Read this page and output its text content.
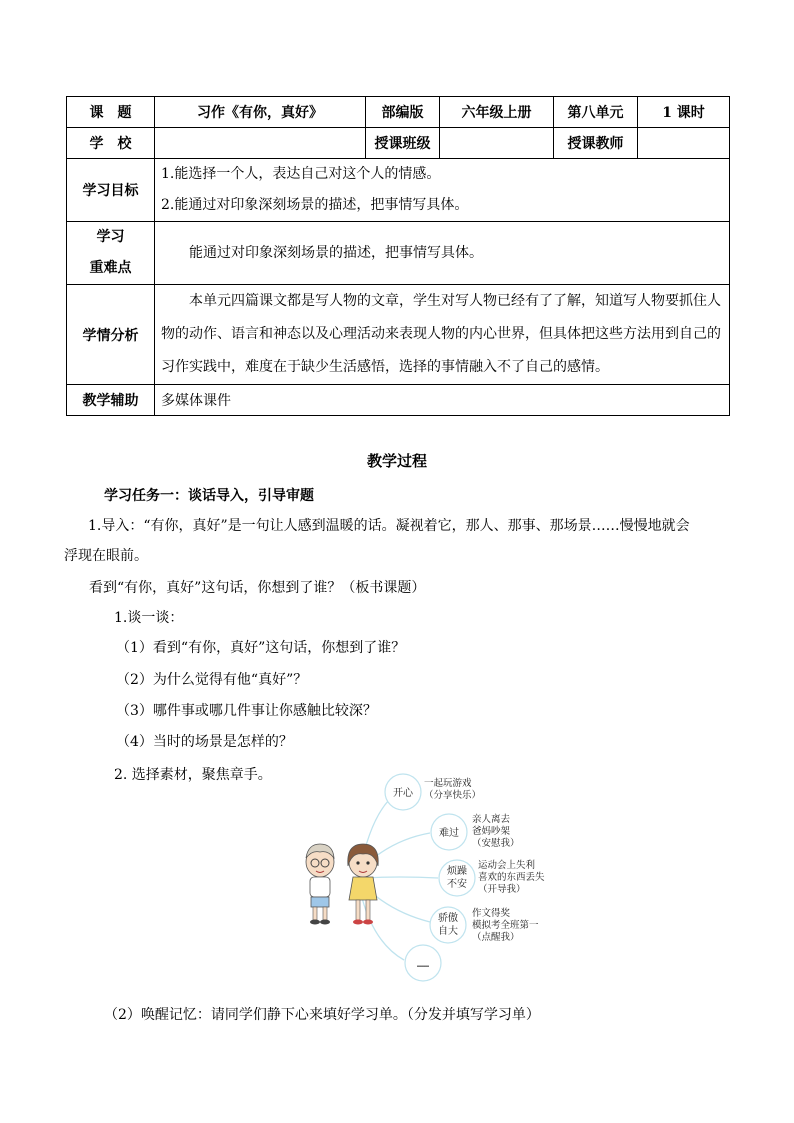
课　题	习作《有你，真好》	部编版	六年级上册	第八单元	1 课时
学　校		授课班级		授课教师	
学习目标	1.能选择一个人，表达自己对这个人的情感。
2.能通过对印象深刻场景的描述，把事情写具体。				

学习
重难点	能通过对印象深刻场景的描述，把事情写具体。				

学情分析	本单元四篇课文都是写人物的文章，学生对写人物已经有了了解，知道写人物要抓住人物的动作、语言和神态以及心理活动来表现人物的内心世界，但具体把这些方法用到自己的习作实践中，难度在于缺少生活感悟，选择的事情融入不了自己的感情。				

教学辅助	多媒体课件				
教学过程
学习任务一：谈话导入，引导审题
1.导入：“有你，真好”是一句让人感到温暖的话。凝视着它，那人、那事、那场景……慢慢地就会
浮现在眼前。
看到“有你，真好”这句话，你想到了谁？（板书课题）
1.谈一谈：
（1）看到“有你，真好”这句话，你想到了谁？
（2）为什么觉得有他“真好”？
（3）哪件事或哪几件事让你感触比较深？
（4）当时的场景是怎样的？
2. 选择素材，聚焦章手。
开心
难过
烦躁
不安
骄傲
自大
……
一起玩游戏
（分享快乐）
亲人离去
爸妈吵架
（安慰我）
运动会上失利
喜欢的东西丢失
（开导我）
作文得奖
模拟考全班第一
（点醒我）
（2）唤醒记忆：请同学们静下心来填好学习单。（分发并填写学习单）
